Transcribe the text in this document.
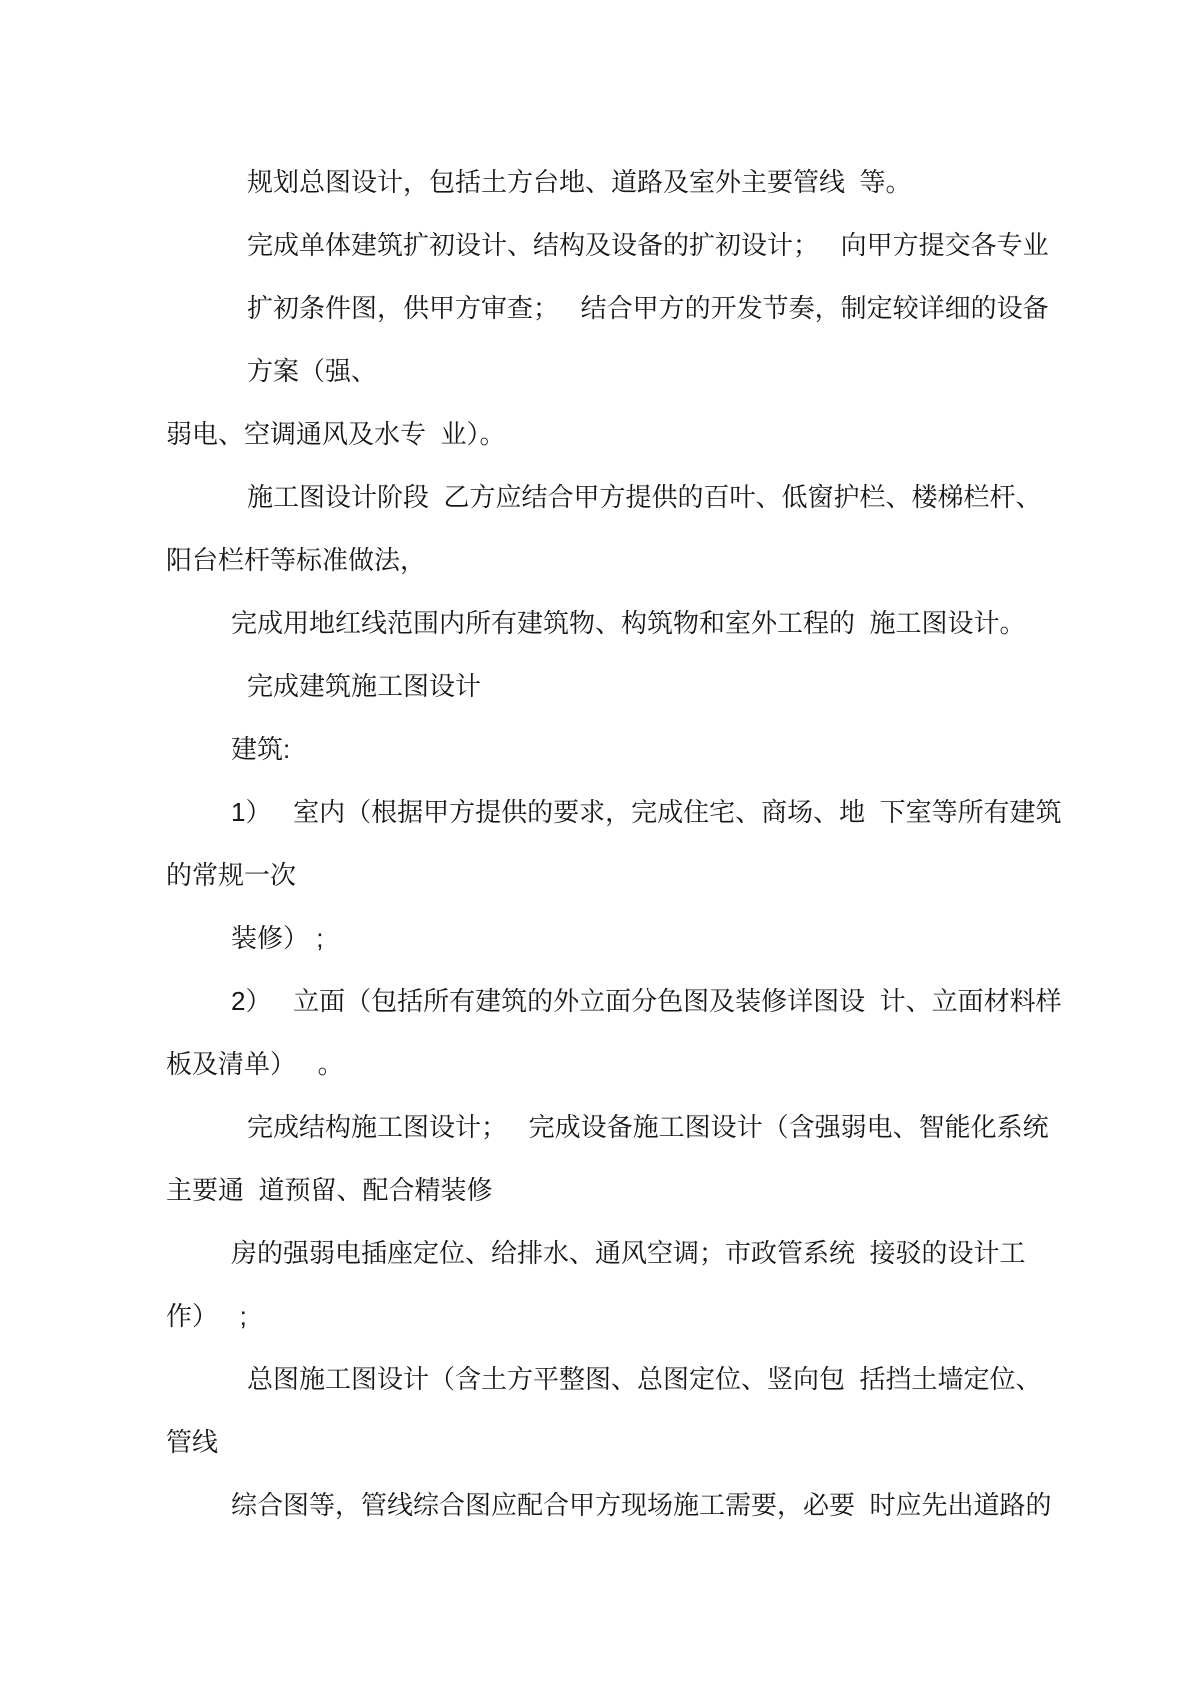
规划总图设计，包括土方台地、道路及室外主要管线  等。
完成单体建筑扩初设计、结构及设备的扩初设计；   向甲方提交各专业
扩初条件图，供甲方审查；   结合甲方的开发节奏，制定较详细的设备
方案（强、
弱电、空调通风及水专  业）。
施工图设计阶段  乙方应结合甲方提供的百叶、低窗护栏、楼梯栏杆、
阳台栏杆等标准做法，
完成用地红线范围内所有建筑物、构筑物和室外工程的  施工图设计。
完成建筑施工图设计
建筑:
1）   室内（根据甲方提供的要求，完成住宅、商场、地  下室等所有建筑
的常规一次
装修） ;
2）   立面（包括所有建筑的外立面分色图及装修详图设  计、立面材料样
板及清单）   。
完成结构施工图设计；   完成设备施工图设计（含强弱电、智能化系统
主要通  道预留、配合精装修
房的强弱电插座定位、给排水、通风空调；市政管系统  接驳的设计工
作）   ;
总图施工图设计（含土方平整图、总图定位、竖向包  括挡土墙定位、
管线
综合图等，管线综合图应配合甲方现场施工需要，必要  时应先出道路的
